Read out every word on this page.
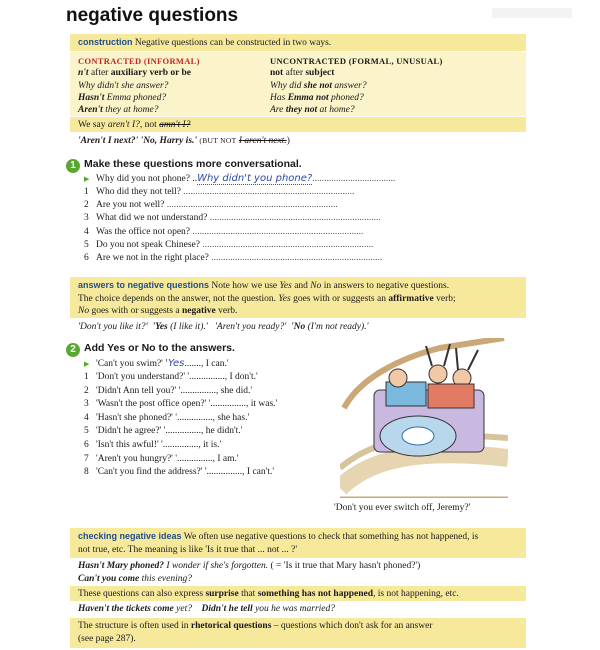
negative questions
construction Negative questions can be constructed in two ways.
CONTRACTED (INFORMAL)
n't after auxiliary verb or be
Why didn't she answer?
Hasn't Emma phoned?
Aren't they at home?
UNCONTRACTED (FORMAL, UNUSUAL)
not after subject
Why did she not answer?
Has Emma not phoned?
Are they not at home?
We say aren't I?, not amn't I?
'Aren't I next?' 'No, Harry is.' (BUT NOT I aren't next.)
1 Make these questions more conversational.
▶ Why did you not phone? ..Why didn't you phone?...................................
1 Who did they not tell? ........................................................................
2 Are you not well? ........................................................................
3 What did we not understand? ........................................................................
4 Was the office not open? ........................................................................
5 Do you not speak Chinese? ........................................................................
6 Are we not in the right place? ........................................................................
answers to negative questions Note how we use Yes and No in answers to negative questions.
The choice depends on the answer, not the question. Yes goes with or suggests an affirmative verb;
No goes with or suggests a negative verb.
'Don't you like it?' 'Yes (I like it).' 'Aren't you ready?' 'No (I'm not ready).'
2 Add Yes or No to the answers.
▶ 'Can't you swim?' 'Yes......., I can.'
1 'Don't you understand?' '..............., I don't.'
2 'Didn't Ann tell you?' '..............., she did.'
3 'Wasn't the post office open?' '..............., it was.'
4 'Hasn't she phoned?' '..............., she has.'
5 'Didn't he agree?' '..............., he didn't.'
6 'Isn't this awful!' '..............., it is.'
7 'Aren't you hungry?' '..............., I am.'
8 'Can't you find the address?' '..............., I can't.'
'Don't you ever switch off, Jeremy?'
checking negative ideas We often use negative questions to check that something has not happened, is
not true, etc. The meaning is like 'Is it true that ... not ... ?'
Hasn't Mary phoned? I wonder if she's forgotten. ( = 'Is it true that Mary hasn't phoned?')
Can't you come this evening?
These questions can also express surprise that something has not happened, is not happening, etc.
Haven't the tickets come yet? Didn't he tell you he was married?
The structure is often used in rhetorical questions – questions which don't ask for an answer
(see page 287).
